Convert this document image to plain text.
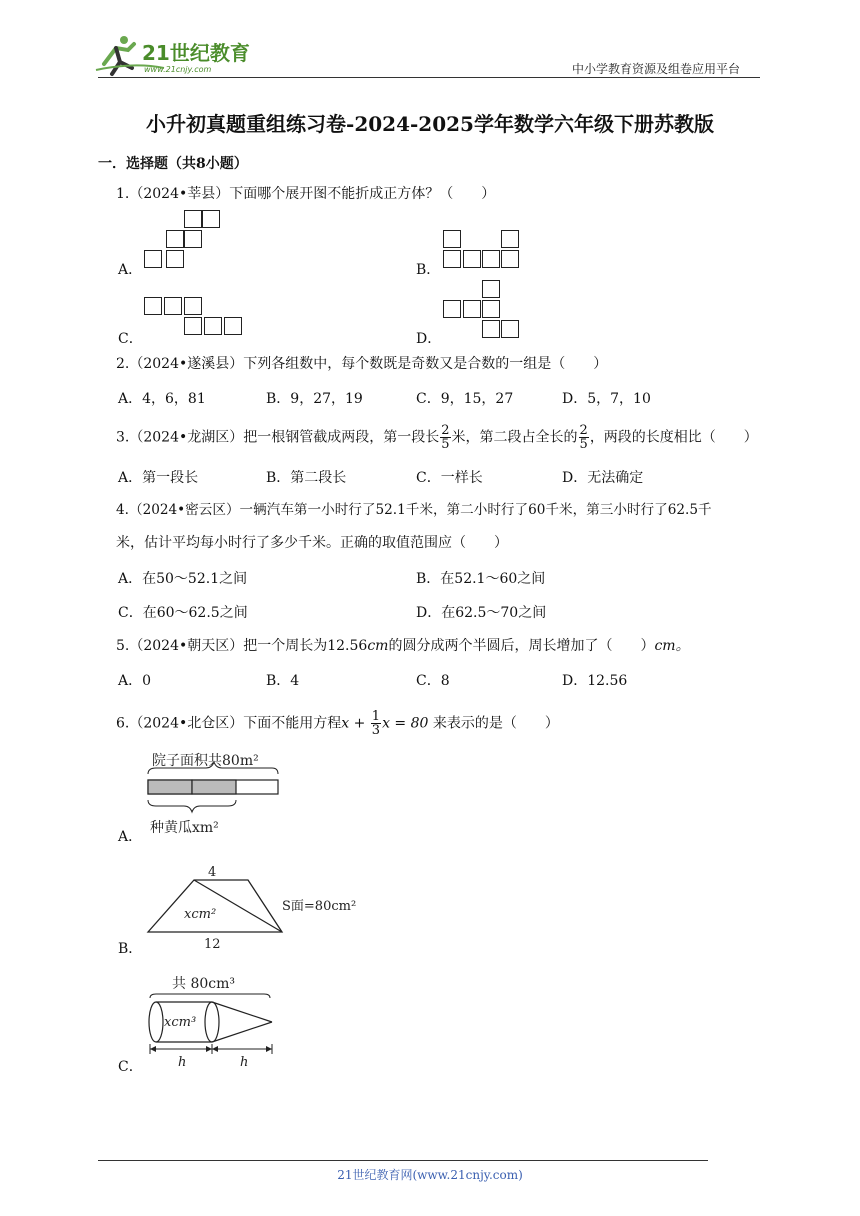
21世纪教育
www.21cnjy.com	中小学教育资源及组卷应用平台
小升初真题重组练习卷-2024-2025学年数学六年级下册苏教版
一．选择题（共8小题）
1.（2024•莘县）下面哪个展开图不能折成正方体？（　　）
A．	B．
C．	D．
2.（2024•遂溪县）下列各组数中，每个数既是奇数又是合数的一组是（　　）
A．4，6，81	B．9，27，19	C．9，15，27	D．5，7，10
3.（2024•龙湖区）把一根钢管截成两段，第一段长 $\frac{2}{5}$ 米，第二段占全长的 $\frac{2}{5}$ ，两段的长度相比（　　）
A．第一段长	B．第二段长	C．一样长	D．无法确定
4.（2024•密云区）一辆汽车第一小时行了52.1千米，第二小时行了60千米，第三小时行了62.5千
米，估计平均每小时行了多少千米。正确的取值范围应（　　）
A．在50～52.1之间	B．在52.1～60之间
C．在60～62.5之间	D．在62.5～70之间
5.（2024•朝天区）把一个周长为12.56cm的圆分成两个半圆后，周长增加了（　　）cm。
A．0	B．4	C．8	D．12.56
6.（2024•北仓区）下面不能用方程$x + \frac{1}{3}$ x = 80 来表示的是（　　）
A．
院子面积共80m²
种黄瓜xm²
B．
4
xcm²
12
S面=80cm²
C．
共 80cm³
xcm³
h	h
21世纪教育网(www.21cnjy.com)
